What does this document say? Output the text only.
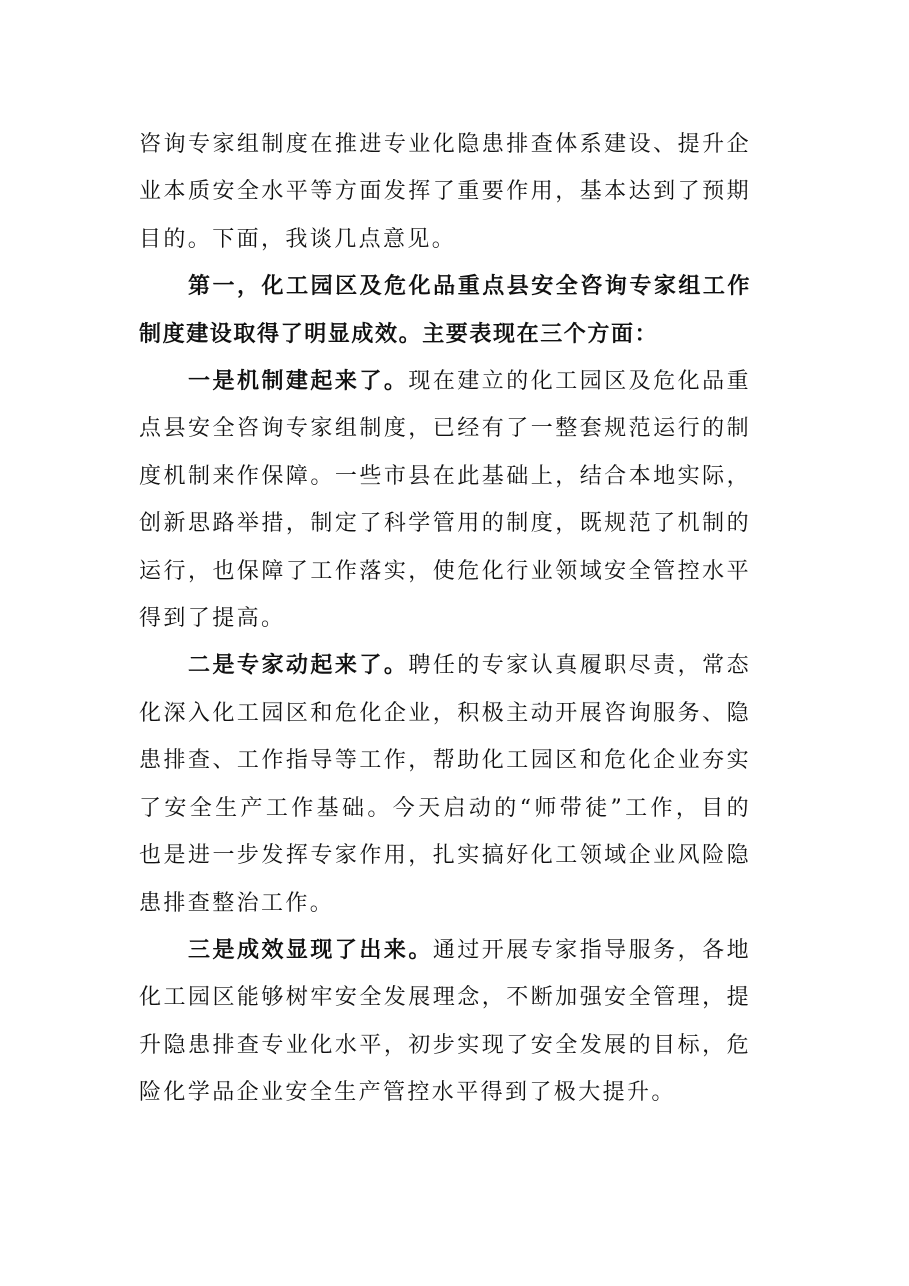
咨询专家组制度在推进专业化隐患排查体系建设、提升企业本质安全水平等方面发挥了重要作用，基本达到了预期目的。下面，我谈几点意见。

第一，化工园区及危化品重点县安全咨询专家组工作制度建设取得了明显成效。主要表现在三个方面：

一是机制建起来了。现在建立的化工园区及危化品重点县安全咨询专家组制度，已经有了一整套规范运行的制度机制来作保障。一些市县在此基础上，结合本地实际，创新思路举措，制定了科学管用的制度，既规范了机制的运行，也保障了工作落实，使危化行业领域安全管控水平得到了提高。

二是专家动起来了。聘任的专家认真履职尽责，常态化深入化工园区和危化企业，积极主动开展咨询服务、隐患排查、工作指导等工作，帮助化工园区和危化企业夯实了安全生产工作基础。今天启动的“师带徒”工作，目的也是进一步发挥专家作用，扎实搞好化工领域企业风险隐患排查整治工作。

三是成效显现了出来。通过开展专家指导服务，各地化工园区能够树牢安全发展理念，不断加强安全管理，提升隐患排查专业化水平，初步实现了安全发展的目标，危险化学品企业安全生产管控水平得到了极大提升。
